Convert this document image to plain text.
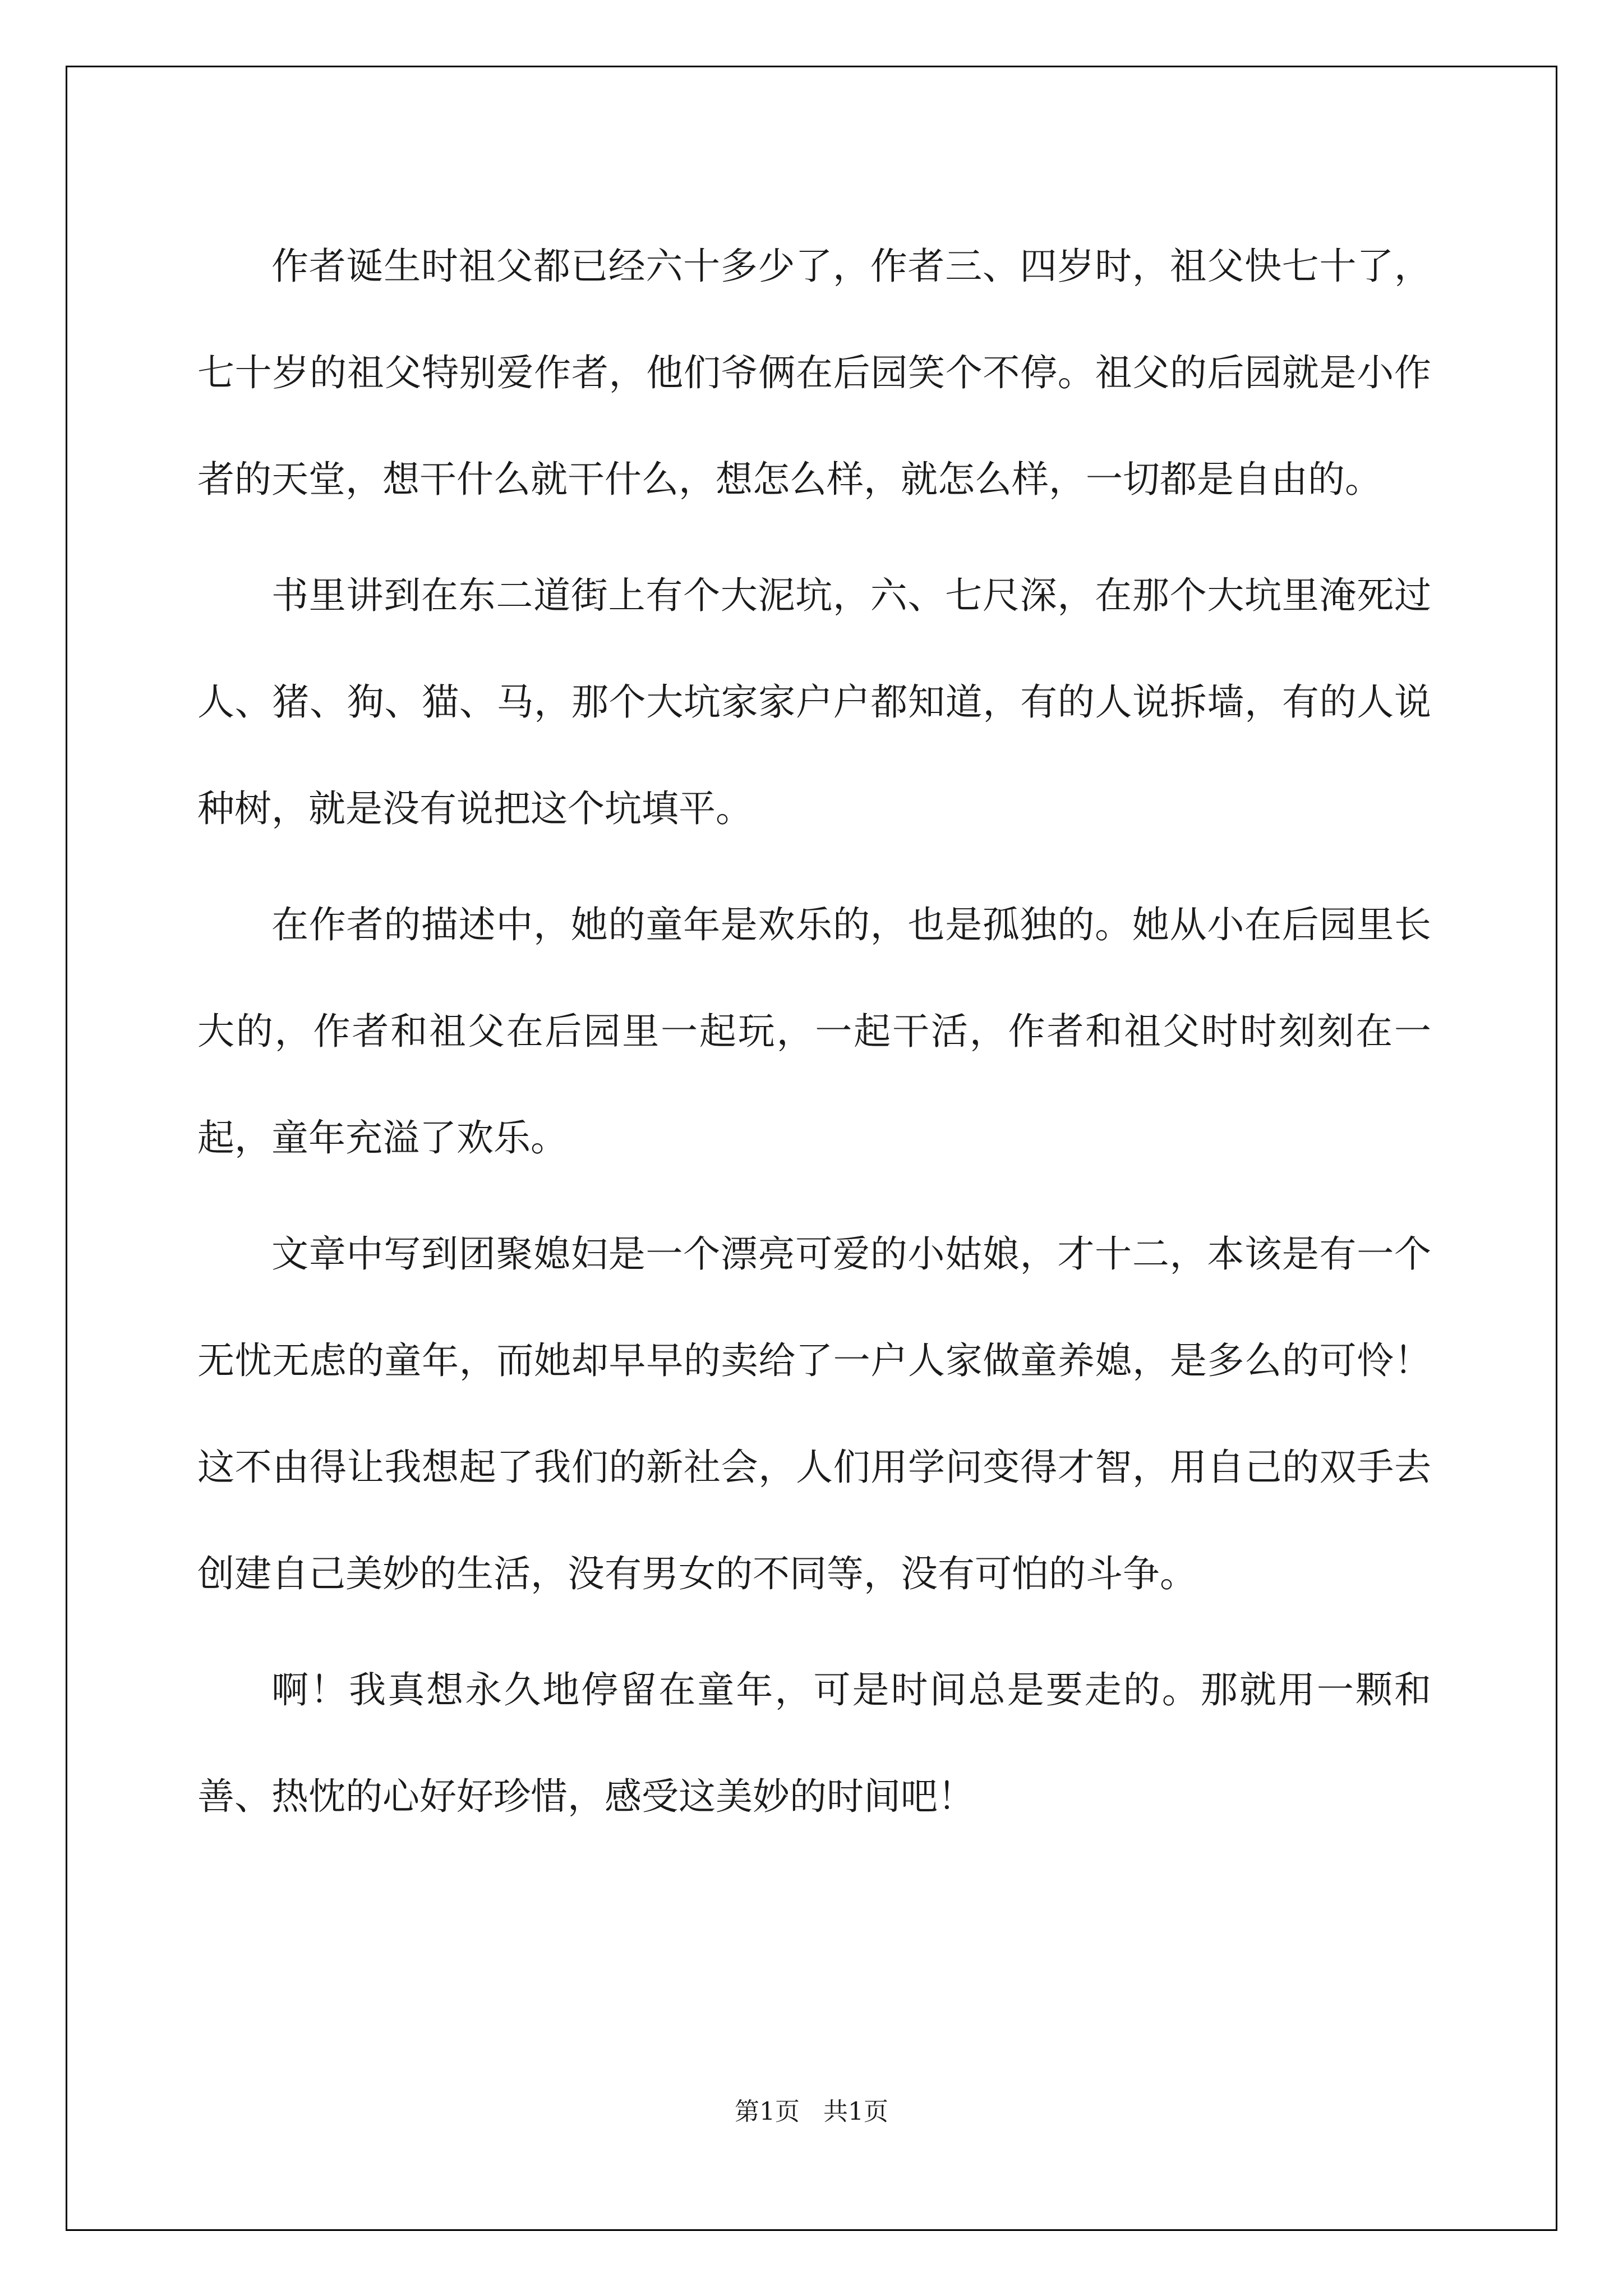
作者诞生时祖父都已经六十多少了，作者三、四岁时，祖父快七十了，七十岁的祖父特别爱作者，他们爷俩在后园笑个不停。祖父的后园就是小作者的天堂，想干什么就干什么，想怎么样，就怎么样，一切都是自由的。

书里讲到在东二道街上有个大泥坑，六、七尺深，在那个大坑里淹死过人、猪、狗、猫、马，那个大坑家家户户都知道，有的人说拆墙，有的人说种树，就是没有说把这个坑填平。

在作者的描述中，她的童年是欢乐的，也是孤独的。她从小在后园里长大的，作者和祖父在后园里一起玩，一起干活，作者和祖父时时刻刻在一起，童年充溢了欢乐。

文章中写到团聚媳妇是一个漂亮可爱的小姑娘，才十二，本该是有一个无忧无虑的童年，而她却早早的卖给了一户人家做童养媳，是多么的可怜！这不由得让我想起了我们的新社会，人们用学问变得才智，用自己的双手去创建自己美妙的生活，没有男女的不同等，没有可怕的斗争。

啊！我真想永久地停留在童年，可是时间总是要走的。那就用一颗和善、热忱的心好好珍惜，感受这美妙的时间吧！

第1页   共1页
